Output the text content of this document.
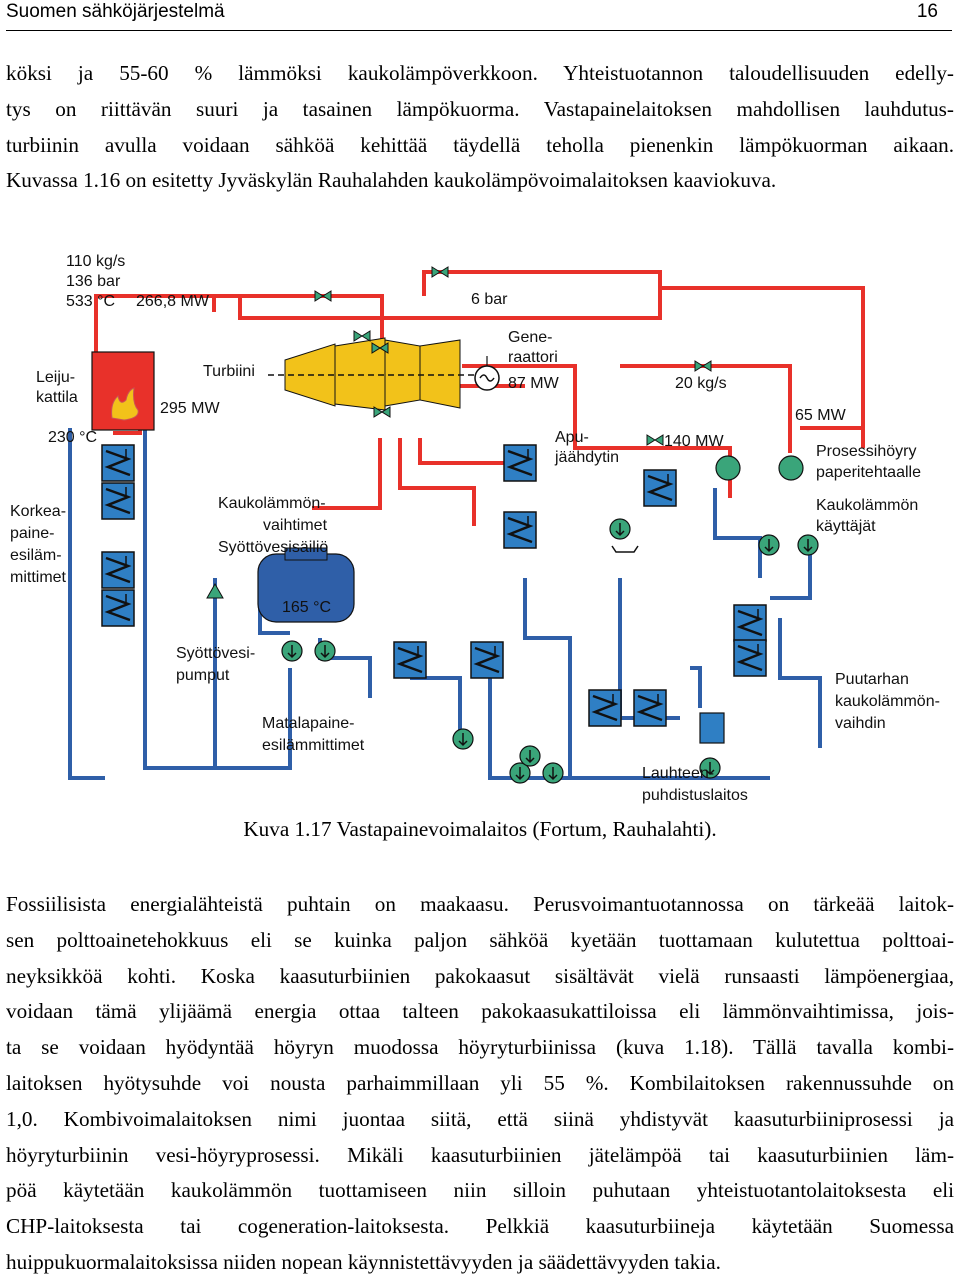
Suomen sähköjärjestelmä	16
köksi ja 55-60 % lämmöksi kaukolämpöverkkoon. Yhteistuotannon taloudellisuuden edelly-
tys on riittävän suuri ja tasainen lämpökuorma. Vastapainelaitoksen mahdollisen lauhdutus-
turbiinin avulla voidaan sähköä kehittää täydellä teholla pienenkin lämpökuorman aikaan.
Kuvassa 1.16 on esitetty Jyväskylän Rauhalahden kaukolämpövoimalaitoksen kaaviokuva.
110 kg/s
136 bar
533 °C 266,8 MW	6 bar
Turbiini
295 MW
230 °C
87 MW	20 kg/s
65 MW
140 MW
Syöttövesisäiliö
165 °C
Gene- raattori
Leiju- kattila
Apu- jäähdytin	Prosessihöyry paperitehtaalle
Kaukolämmön käyttäjät
Korkea- paine- esiläm- mittimet
Kaukolämmön- vaihtimet
Syöttövesi- pumput
Matalapaine- esilämmittimet
Puutarhan kaukolämmön- vaihdin
Lauhteen- puhdistuslaitos
Kuva 1.17 Vastapainevoimalaitos (Fortum, Rauhalahti).
Fossiilisista energialähteistä puhtain on maakaasu. Perusvoimantuotannossa on tärkeää laitok-
sen polttoainetehokkuus eli se kuinka paljon sähköä kyetään tuottamaan kulutettua polttoai-
neyksikköä kohti. Koska kaasuturbiinien pakokaasut sisältävät vielä runsaasti lämpöenergiaa,
voidaan tämä ylijäämä energia ottaa talteen pakokaasukattiloissa eli lämmönvaihtimissa, jois-
ta se voidaan hyödyntää höyryn muodossa höyryturbiinissa (kuva 1.18). Tällä tavalla kombi-
laitoksen hyötysuhde voi nousta parhaimmillaan yli 55 %. Kombilaitoksen rakennussuhde on
1,0. Kombivoimalaitoksen nimi juontaa siitä, että siinä yhdistyvät kaasuturbiiniprosessi ja
höyryturbiinin vesi-höyryprosessi. Mikäli kaasuturbiinien jätelämpöä tai kaasuturbiinien läm-
pöä käytetään kaukolämmön tuottamiseen niin silloin puhutaan yhteistuotantolaitoksesta eli
CHP-laitoksesta tai cogeneration-laitoksesta. Pelkkiä kaasuturbiineja käytetään Suomessa
huippukuormalaitoksissa niiden nopean käynnistettävyyden ja säädettävyyden takia.
